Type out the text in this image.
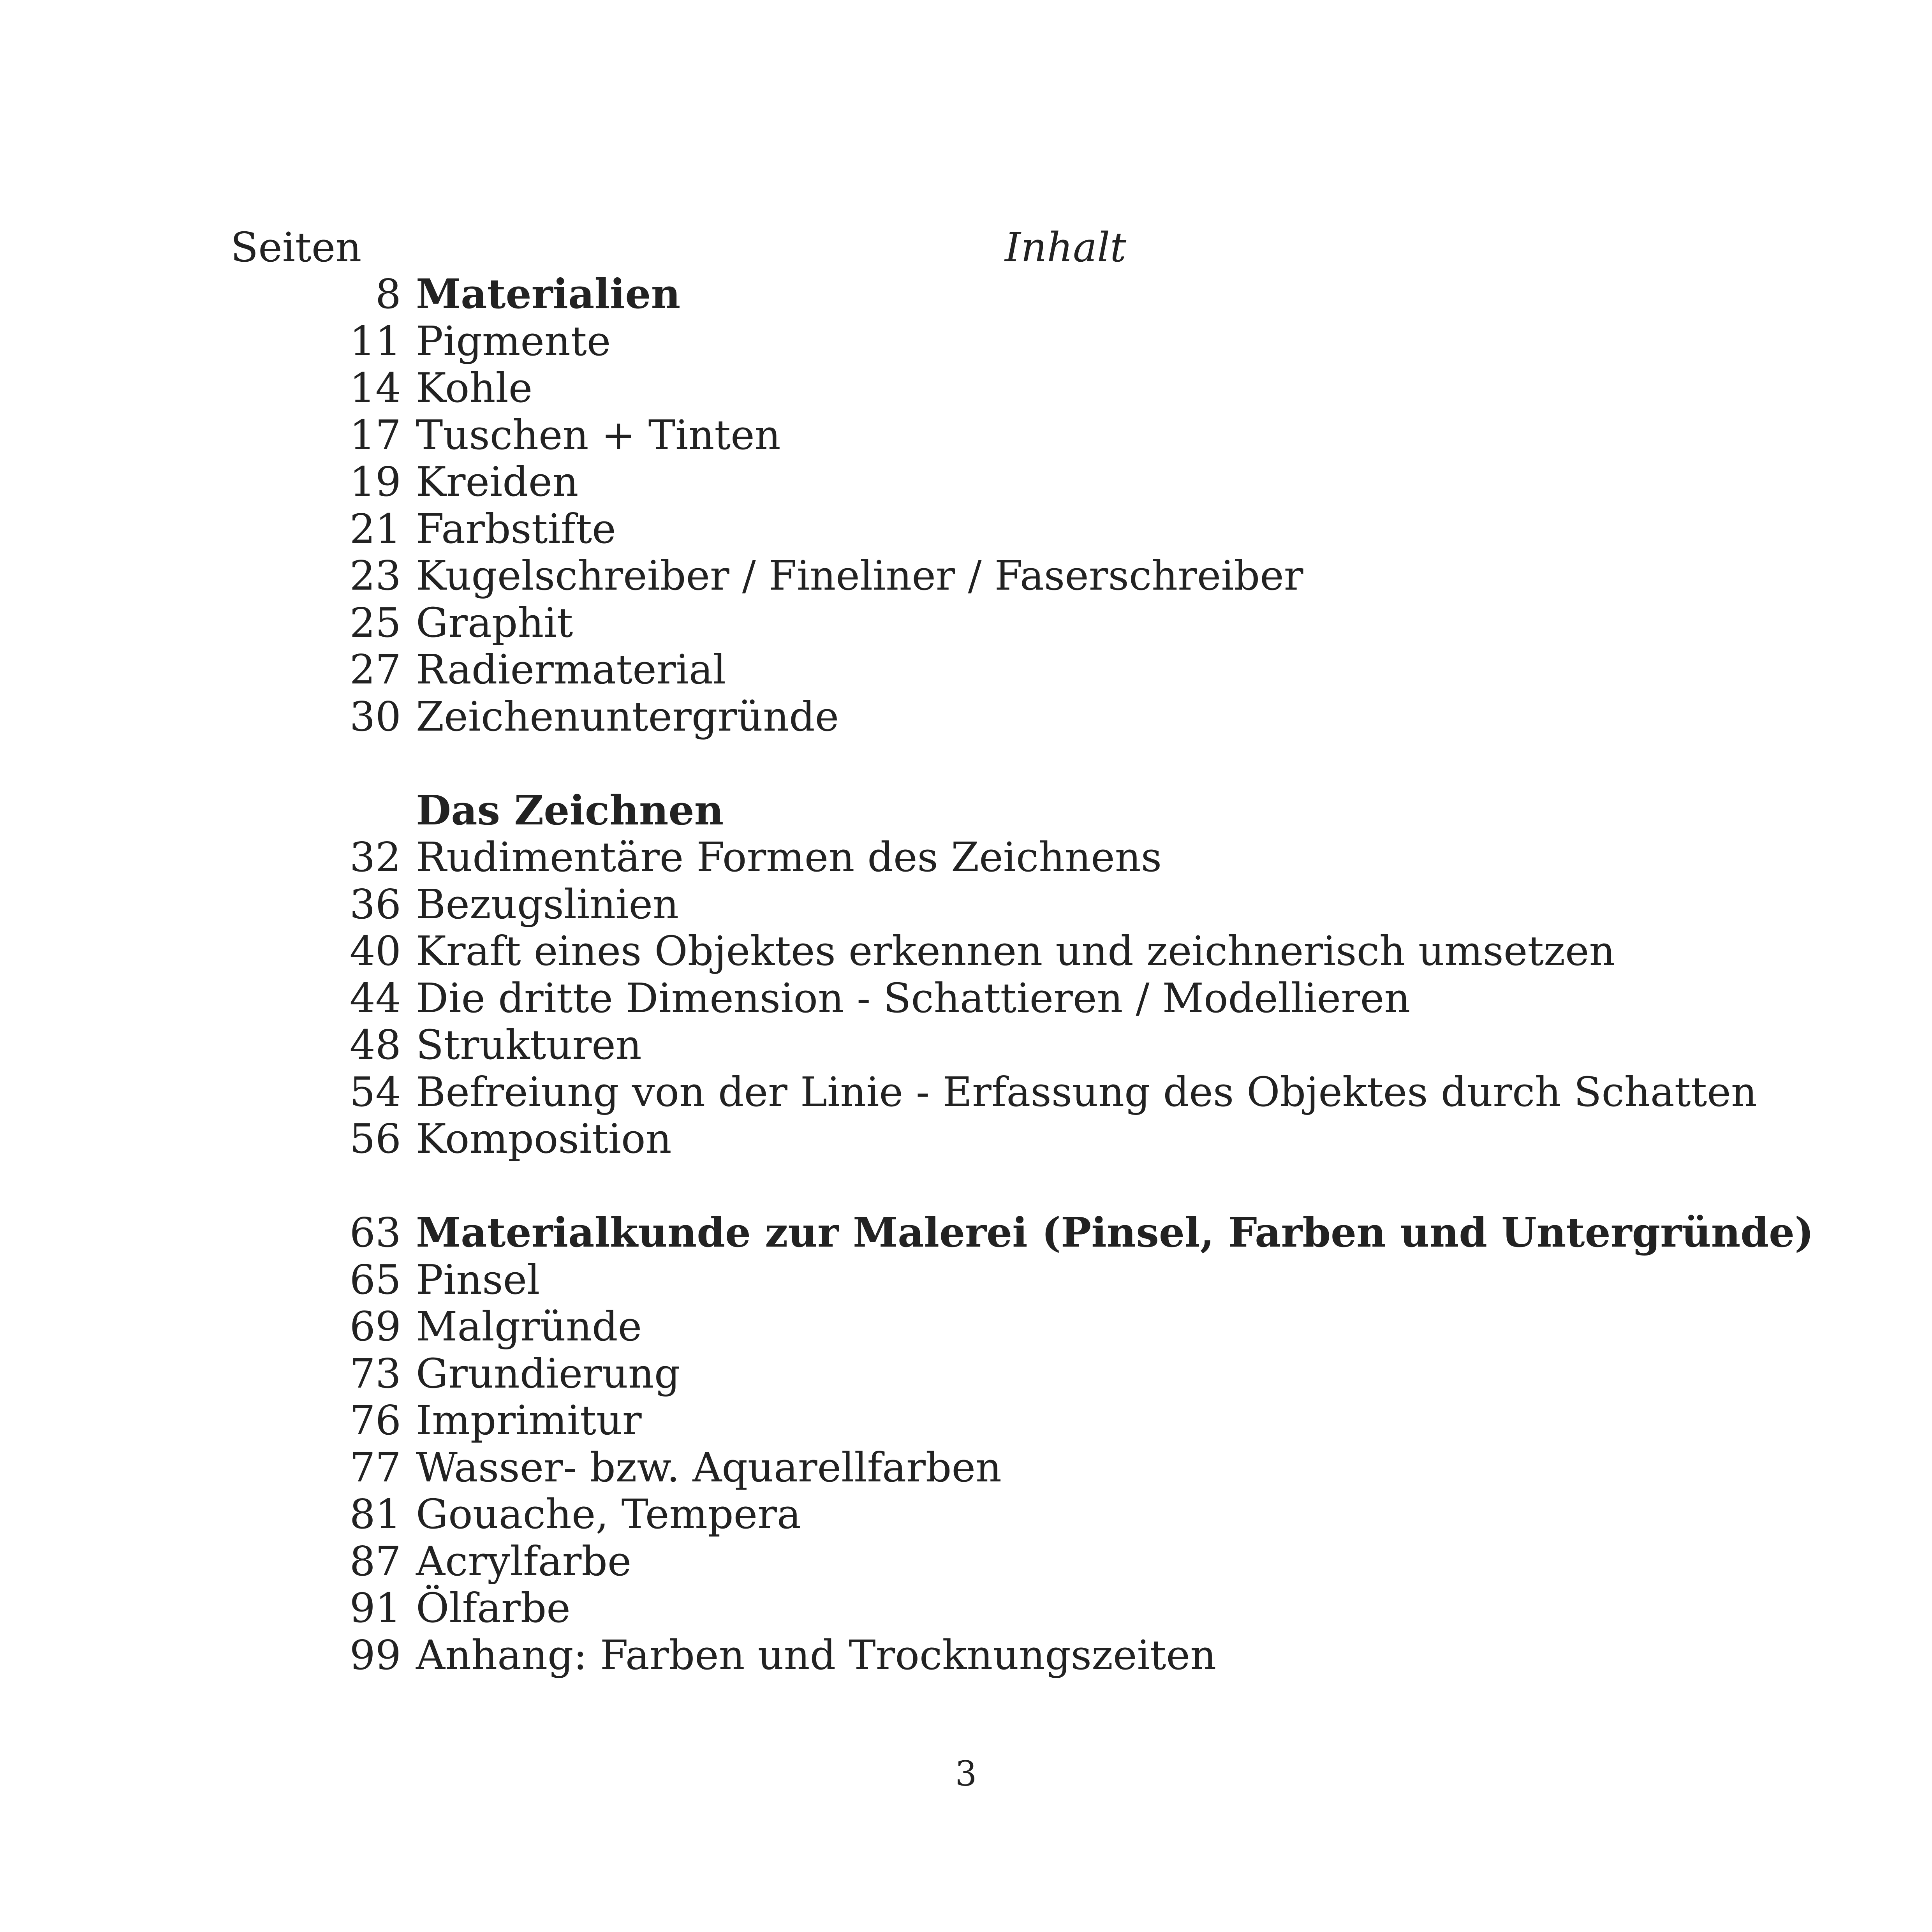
Seiten	Inhalt
8 Materialien
11 Pigmente
14 Kohle
17 Tuschen + Tinten
19 Kreiden
21 Farbstifte
23 Kugelschreiber / Fineliner / Faserschreiber
25 Graphit
27 Radiermaterial
30 Zeichenuntergründe
Das Zeichnen
32 Rudimentäre Formen des Zeichnens
36 Bezugslinien
40 Kraft eines Objektes erkennen und zeichnerisch umsetzen
44 Die dritte Dimension - Schattieren / Modellieren
48 Strukturen
54 Befreiung von der Linie - Erfassung des Objektes durch Schatten
56 Komposition
63 Materialkunde zur Malerei (Pinsel, Farben und Untergründe)
65 Pinsel
69 Malgründe
73 Grundierung
76 Imprimitur
77 Wasser- bzw. Aquarellfarben
81 Gouache, Tempera
87 Acrylfarbe
91 Ölfarbe
99 Anhang: Farben und Trocknungszeiten
3
